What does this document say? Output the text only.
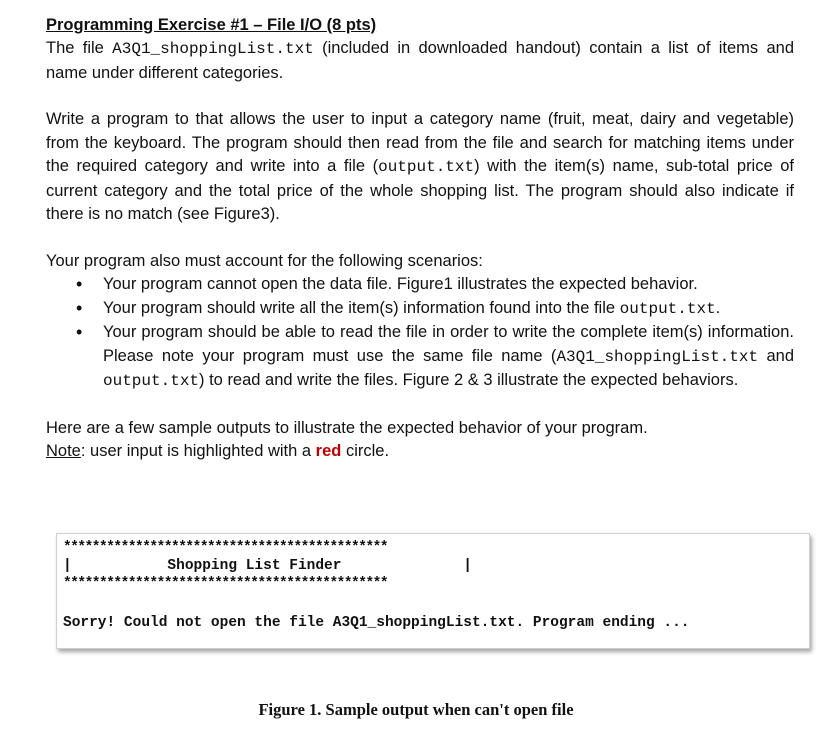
Programming Exercise #1 – File I/O (8 pts)

The file A3Q1_shoppingList.txt (included in downloaded handout) contain a list of items and name under different categories.

Write a program to that allows the user to input a category name (fruit, meat, dairy and vegetable) from the keyboard. The program should then read from the file and search for matching items under the required category and write into a file (output.txt) with the item(s) name, sub-total price of current category and the total price of the whole shopping list. The program should also indicate if there is no match (see Figure3).

Your program also must account for the following scenarios:

• Your program cannot open the data file. Figure1 illustrates the expected behavior.
• Your program should write all the item(s) information found into the file output.txt.
• Your program should be able to read the file in order to write the complete item(s) information. Please note your program must use the same file name (A3Q1_shoppingList.txt and output.txt) to read and write the files. Figure 2 & 3 illustrate the expected behaviors.

Here are a few sample outputs to illustrate the expected behavior of your program.

Note: user input is highlighted with a red circle.

*********************************************
|           Shopping List Finder              |
*********************************************
Sorry! Could not open the file A3Q1_shoppingList.txt. Program ending ...
Figure 1. Sample output when can't open file
